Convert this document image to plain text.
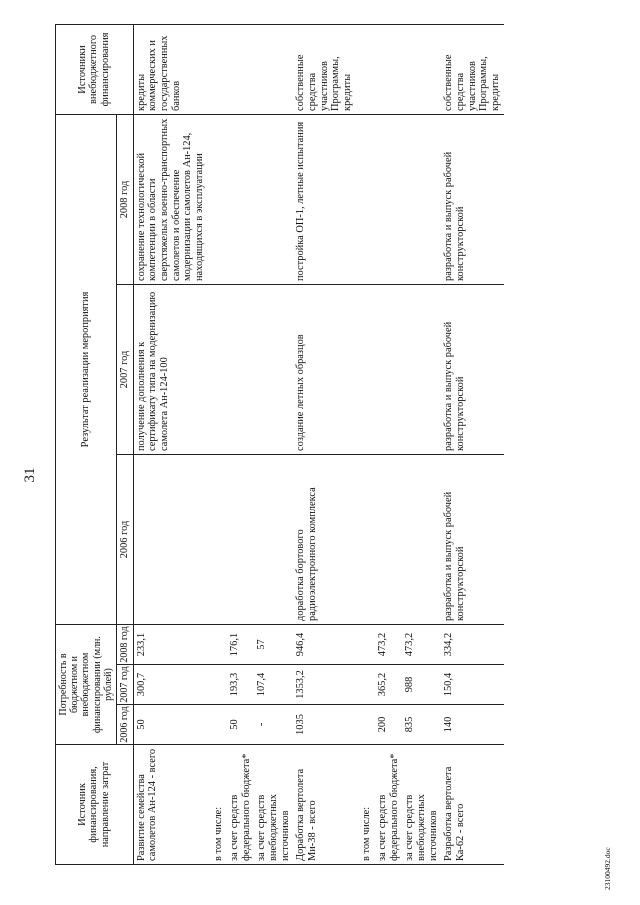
31
Источник финансирования, направление затрат	Потребность в бюджетном и внебюджетном финансировании (млн. рублей)			Результат реализации мероприятия			Источники внебюджетного финансирования
	2006 год	2007 год	2008 год	2006 год	2007 год	2008 год	
Развитие семейства самолетов Ан-124 - всего	50	300,7	233,1		получение дополнения к сертификату типа на модернизацию самолета Ан-124-100	сохранение технологической компетенции в области сверхтяжелых военно-транспортных самолетов и обеспечение модернизации самолетов Ан-124, находящихся в эксплуатации	кредиты коммерческих и государственных банков
в том числе:							
за счет средств федерального бюджета*	50	193,3	176,1				
за счет средств внебюджетных источников	-	107,4	57				
Доработка вертолета Ми-38 - всего	1035	1353,2	946,4	доработка бортового радиоэлектронного комплекса	создание летных образцов	постройка ОП-1, летные испытания	собственные средства участников Программы, кредиты
в том числе:							
за счет средств федерального бюджета*	200	365,2	473,2				
за счет средств внебюджетных источников	835	988	473,2				
Разработка вертолета Ка-62 - всего	140	150,4	334,2	разработка и выпуск рабочей конструкторской	разработка и выпуск рабочей конструкторской	разработка и выпуск рабочей конструкторской	собственные средства участников Программы, кредиты
23100492.doc
